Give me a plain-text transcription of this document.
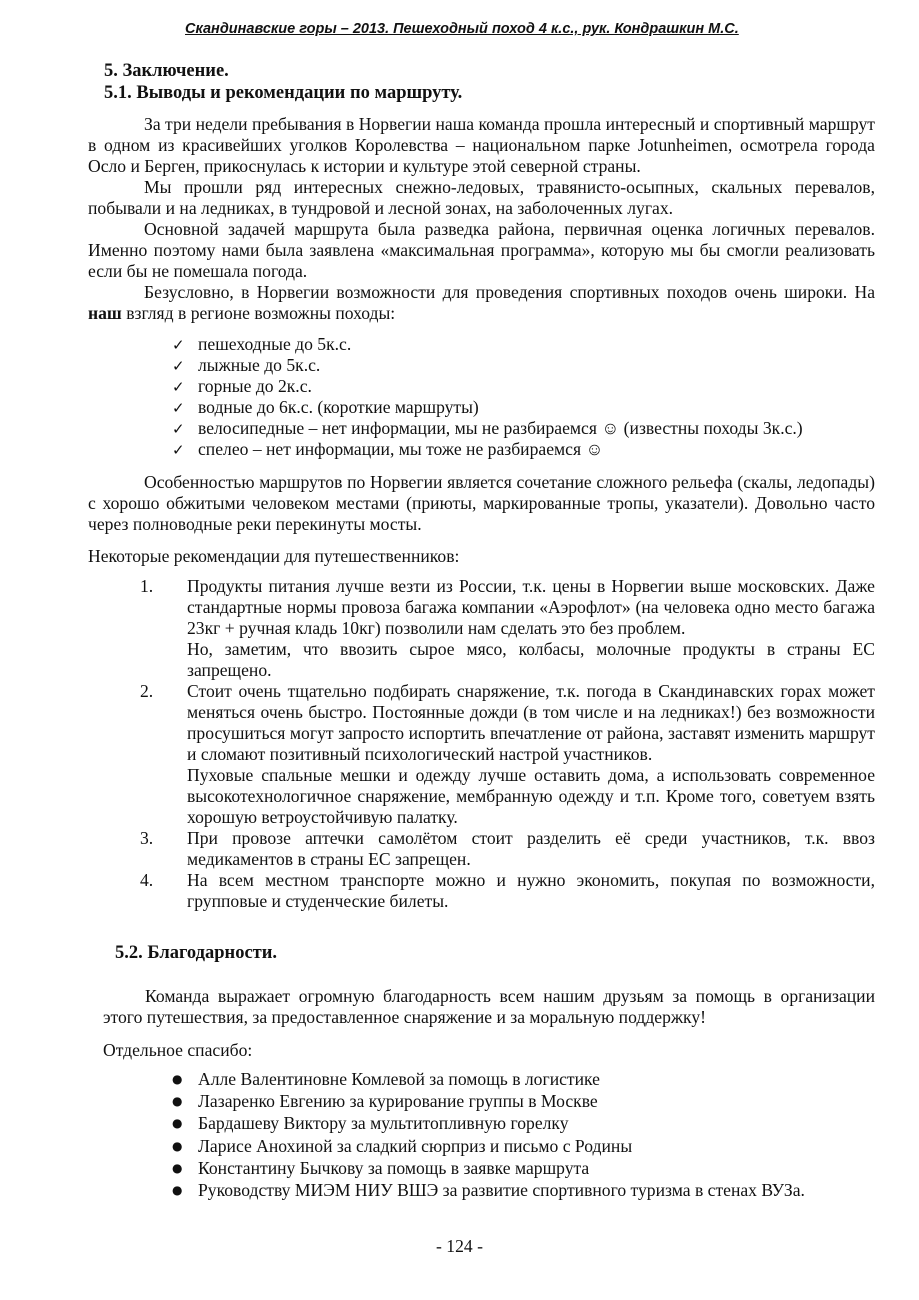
Скандинавские горы – 2013. Пешеходный поход 4 к.с., рук. Кондрашкин М.С.
5. Заключение.
5.1. Выводы и рекомендации по маршруту.
За три недели пребывания в Норвегии наша команда прошла интересный и спортивный маршрут в одном из красивейших уголков Королевства – национальном парке Jotunheimen, осмотрела города Осло и Берген, прикоснулась к истории и культуре этой северной страны.
Мы прошли ряд интересных снежно-ледовых, травянисто-осыпных, скальных перевалов, побывали и на ледниках, в тундровой и лесной зонах, на заболоченных лугах.
Основной задачей маршрута была разведка района, первичная оценка логичных перевалов. Именно поэтому нами была заявлена «максимальная программа», которую мы бы смогли реализовать если бы не помешала погода.
Безусловно, в Норвегии возможности для проведения спортивных походов очень широки. На наш взгляд в регионе возможны походы:
✓ пешеходные до 5к.с.
✓ лыжные до 5к.с.
✓ горные до 2к.с.
✓ водные до 6к.с. (короткие маршруты)
✓ велосипедные – нет информации, мы не разбираемся ☺ (известны походы 3к.с.)
✓ спелео – нет информации, мы тоже не разбираемся ☺
Особенностью маршрутов по Норвегии является сочетание сложного рельефа (скалы, ледопады) с хорошо обжитыми человеком местами (приюты, маркированные тропы, указатели). Довольно часто через полноводные реки перекинуты мосты.
Некоторые рекомендации для путешественников:
1. Продукты питания лучше везти из России, т.к. цены в Норвегии выше московских. Даже стандартные нормы провоза багажа компании «Аэрофлот» (на человека одно место багажа 23кг + ручная кладь 10кг) позволили нам сделать это без проблем.
Но, заметим, что ввозить сырое мясо, колбасы, молочные продукты в страны ЕС запрещено.
2. Стоит очень тщательно подбирать снаряжение, т.к. погода в Скандинавских горах может меняться очень быстро. Постоянные дожди (в том числе и на ледниках!) без возможности просушиться могут запросто испортить впечатление от района, заставят изменить маршрут и сломают позитивный психологический настрой участников.
Пуховые спальные мешки и одежду лучше оставить дома, а использовать современное высокотехнологичное снаряжение, мембранную одежду и т.п. Кроме того, советуем взять хорошую ветроустойчивую палатку.
3. При провозе аптечки самолётом стоит разделить её среди участников, т.к. ввоз медикаментов в страны ЕС запрещен.
4. На всем местном транспорте можно и нужно экономить, покупая по возможности, групповые и студенческие билеты.
5.2. Благодарности.
Команда выражает огромную благодарность всем нашим друзьям за помощь в организации этого путешествия, за предоставленное снаряжение и за моральную поддержку!
Отдельное спасибо:
● Алле Валентиновне Комлевой за помощь в логистике
● Лазаренко Евгению за курирование группы в Москве
● Бардашеву Виктору за мультитопливную горелку
● Ларисе Анохиной за сладкий сюрприз и письмо с Родины
● Константину Бычкову за помощь в заявке маршрута
● Руководству МИЭМ НИУ ВШЭ за развитие спортивного туризма в стенах ВУЗа.
- 124 -
